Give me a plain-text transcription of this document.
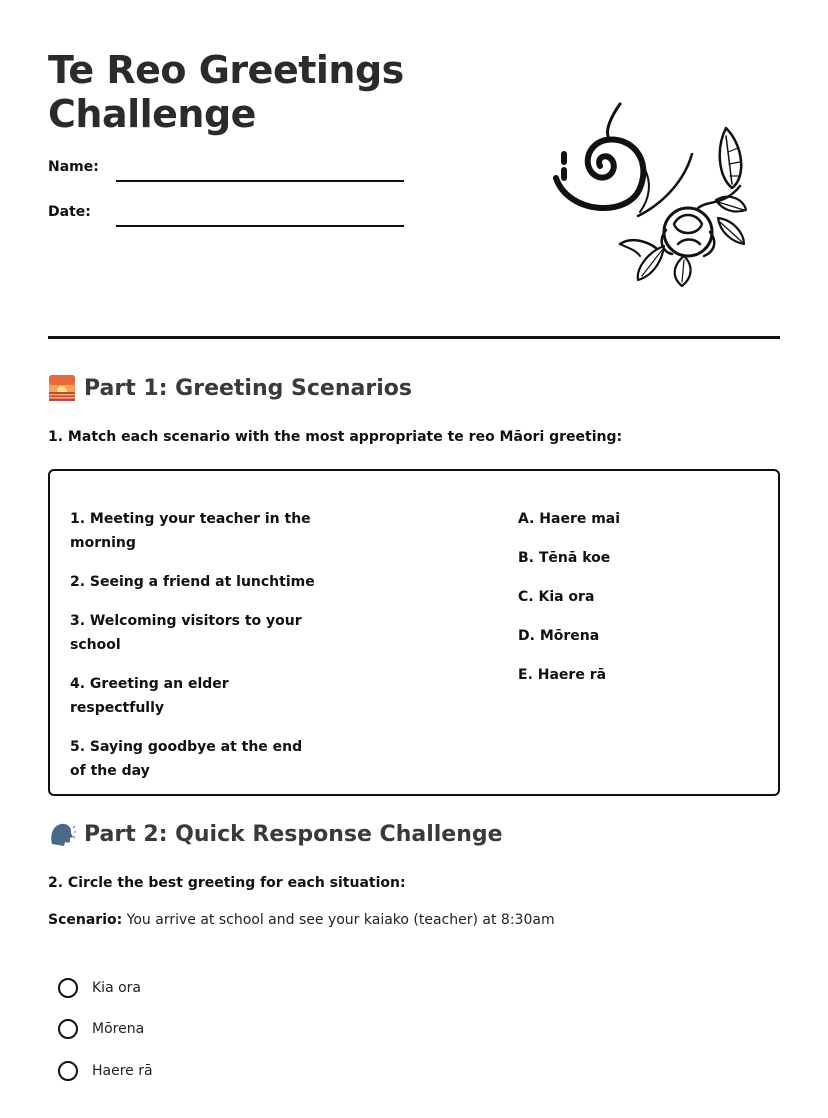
Te Reo Greetings
Challenge
Name:
Date:
Part 1: Greeting Scenarios
1. Match each scenario with the most appropriate te reo Māori greeting:
1. Meeting your teacher in the morning
2. Seeing a friend at lunchtime
3. Welcoming visitors to your school
4. Greeting an elder respectfully
5. Saying goodbye at the end of the day
A. Haere mai
B. Tēnā koe
C. Kia ora
D. Mōrena
E. Haere rā
Part 2: Quick Response Challenge
2. Circle the best greeting for each situation:
Scenario: You arrive at school and see your kaiako (teacher) at 8:30am
Kia ora
Mōrena
Haere rā
